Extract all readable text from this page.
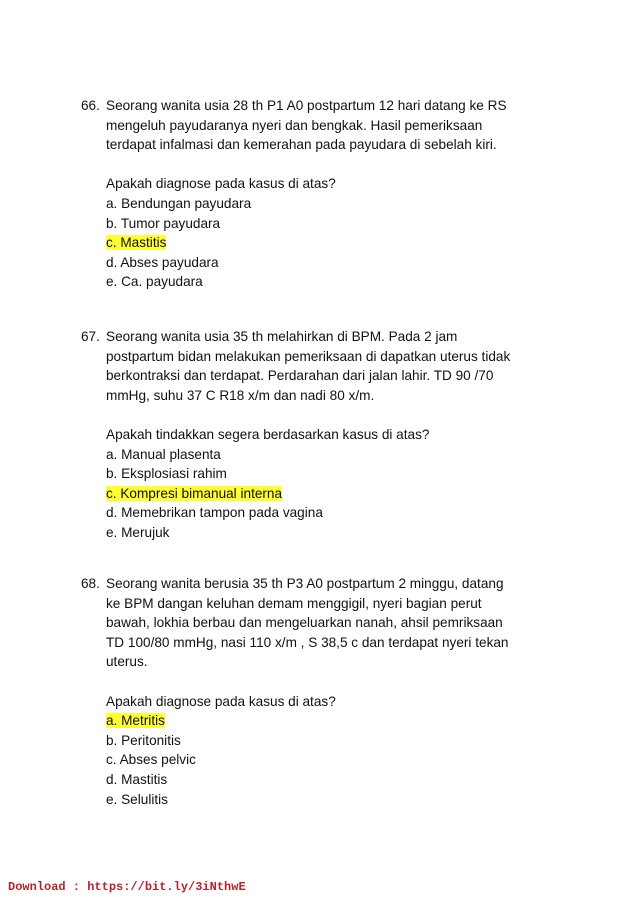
66. Seorang wanita usia 28 th P1 A0 postpartum 12 hari datang ke RS
mengeluh payudaranya nyeri dan bengkak. Hasil pemeriksaan
terdapat infalmasi dan kemerahan pada payudara di sebelah kiri.
Apakah diagnose pada kasus di atas?
a. Bendungan payudara
b. Tumor payudara
c. Mastitis
d. Abses payudara
e. Ca. payudara
67. Seorang wanita usia 35 th melahirkan di BPM. Pada 2 jam
postpartum bidan melakukan pemeriksaan di dapatkan uterus tidak
berkontraksi dan terdapat. Perdarahan dari jalan lahir. TD 90 /70
mmHg, suhu 37 C R18 x/m dan nadi 80 x/m.
Apakah tindakkan segera berdasarkan kasus di atas?
a. Manual plasenta
b. Eksplosiasi rahim
c. Kompresi bimanual interna
d. Memebrikan tampon pada vagina
e. Merujuk
68. Seorang wanita berusia 35 th P3 A0 postpartum 2 minggu, datang
ke BPM dangan keluhan demam menggigil, nyeri bagian perut
bawah, lokhia berbau dan mengeluarkan nanah, ahsil pemriksaan
TD 100/80 mmHg, nasi 110 x/m , S 38,5 c dan terdapat nyeri tekan
uterus.
Apakah diagnose pada kasus di atas?
a. Metritis
b. Peritonitis
c. Abses pelvic
d. Mastitis
e. Selulitis
Download : https://bit.ly/3iNthwE
